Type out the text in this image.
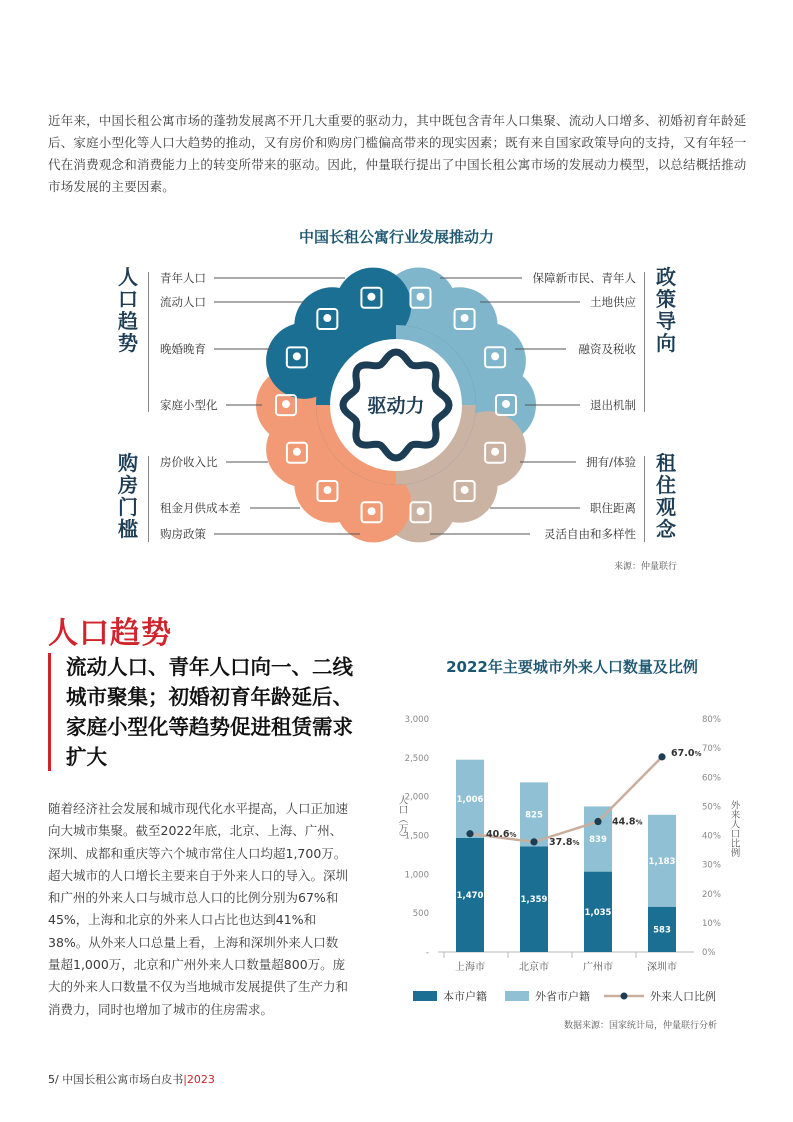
近年来，中国长租公寓市场的蓬勃发展离不开几大重要的驱动力，其中既包含青年人口集聚、流动人口增多、初婚初育年龄延后、家庭小型化等人口大趋势的推动，又有房价和购房门槛偏高带来的现实因素；既有来自国家政策导向的支持，又有年轻一代在消费观念和消费能力上的转变所带来的驱动。因此，仲量联行提出了中国长租公寓市场的发展动力模型，以总结概括推动市场发展的主要因素。
中国长租公寓行业发展推动力
驱动力
人口趋势
购房门槛
政策导向
租住观念
青年人口
流动人口
晚婚晚育
家庭小型化
房价收入比
租金月供成本差
购房政策
保障新市民、青年人
土地供应
融资及税收
退出机制
拥有/体验
职住距离
灵活自由和多样性
来源：仲量联行
人口趋势
流动人口、青年人口向一、二线城市聚集；初婚初育年龄延后、家庭小型化等趋势促进租赁需求扩大
随着经济社会发展和城市现代化水平提高，人口正加速向大城市集聚。截至2022年底，北京、上海、广州、深圳、成都和重庆等六个城市常住人口均超1,700万。超大城市的人口增长主要来自于外来人口的导入。深圳和广州的外来人口与城市总人口的比例分别为67%和45%，上海和北京的外来人口占比也达到41%和38%。从外来人口总量上看，上海和深圳外来人口数量超1,000万，北京和广州外来人口数量超800万。庞大的外来人口数量不仅为当地城市发展提供了生产力和消费力，同时也增加了城市的住房需求。
2022年主要城市外来人口数量及比例
-
500
1,000
1,500
2,000
2,500
3,000
0%
10%
20%
30%
40%
50%
60%
70%
80%
人口（万）	外来人口比例
1,470
1,006
上海市
1,359
825
北京市
1,035
839
广州市
583
1,183
深圳市
40.6%
37.8%
44.8%
67.0%
本市户籍	外省市户籍	外来人口比例
数据来源：国家统计局，仲量联行分析
5/ 中国长租公寓市场白皮书|2023
